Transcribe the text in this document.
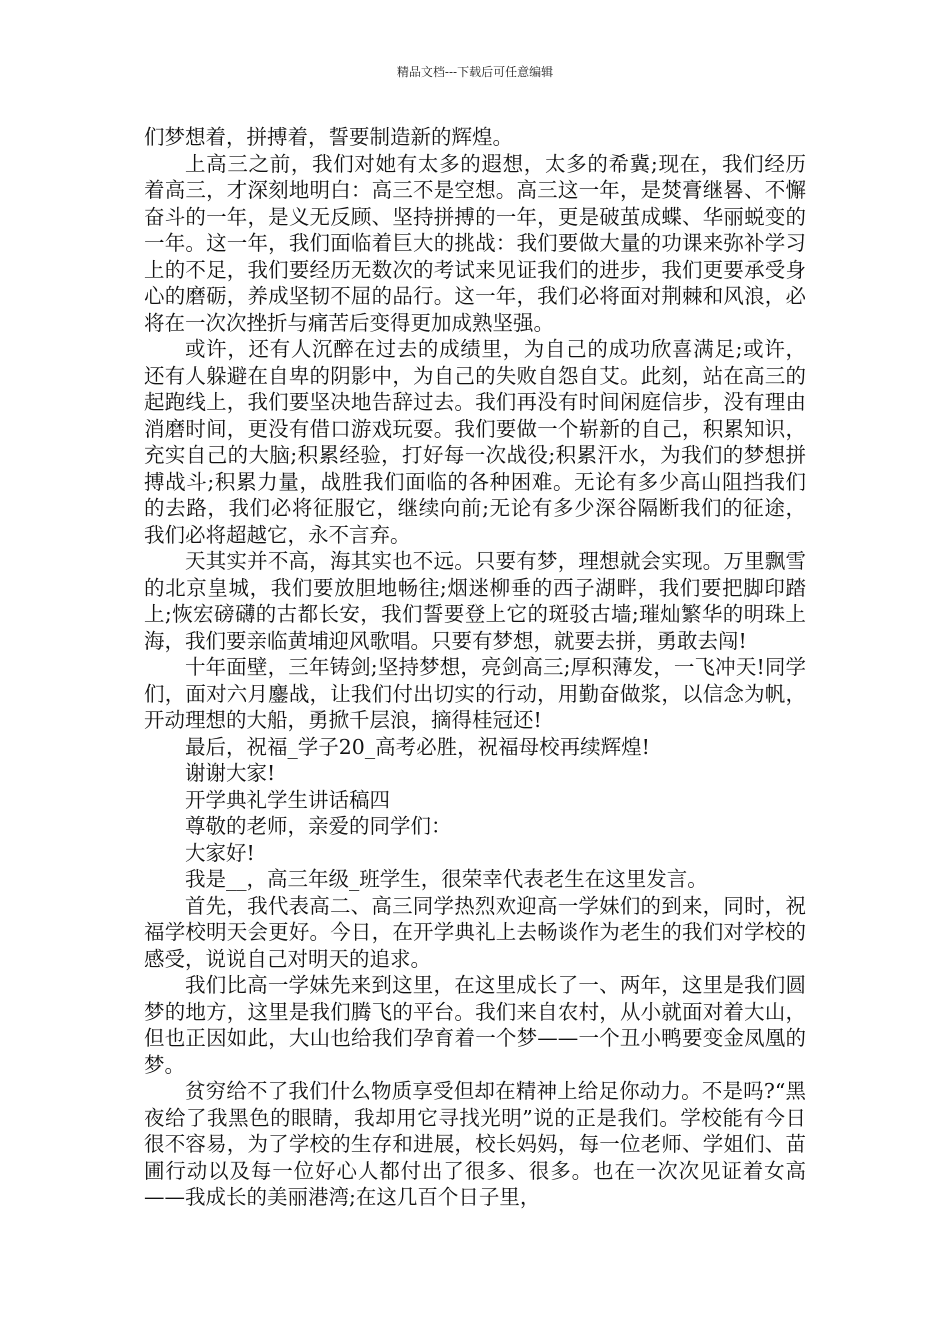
精品文档---下载后可任意编辑

们梦想着，拼搏着，誓要制造新的辉煌。

上高三之前，我们对她有太多的遐想，太多的希冀;现在，我们经历着高三，才深刻地明白：高三不是空想。高三这一年，是焚膏继晷、不懈奋斗的一年，是义无反顾、坚持拼搏的一年，更是破茧成蝶、华丽蜕变的一年。这一年，我们面临着巨大的挑战：我们要做大量的功课来弥补学习上的不足，我们要经历无数次的考试来见证我们的进步，我们更要承受身心的磨砺，养成坚韧不屈的品行。这一年，我们必将面对荆棘和风浪，必将在一次次挫折与痛苦后变得更加成熟坚强。

或许，还有人沉醉在过去的成绩里，为自己的成功欣喜满足;或许，还有人躲避在自卑的阴影中，为自己的失败自怨自艾。此刻，站在高三的起跑线上，我们要坚决地告辞过去。我们再没有时间闲庭信步，没有理由消磨时间，更没有借口游戏玩耍。我们要做一个崭新的自己，积累知识，充实自己的大脑;积累经验，打好每一次战役;积累汗水，为我们的梦想拼搏战斗;积累力量，战胜我们面临的各种困难。无论有多少高山阻挡我们的去路，我们必将征服它，继续向前;无论有多少深谷隔断我们的征途，我们必将超越它，永不言弃。

天其实并不高，海其实也不远。只要有梦，理想就会实现。万里飘雪的北京皇城，我们要放胆地畅往;烟迷柳垂的西子湖畔，我们要把脚印踏上;恢宏磅礴的古都长安，我们誓要登上它的斑驳古墙;璀灿繁华的明珠上海，我们要亲临黄埔迎风歌唱。只要有梦想，就要去拼，勇敢去闯!

十年面壁，三年铸剑;坚持梦想，亮剑高三;厚积薄发，一飞冲天!同学们，面对六月鏖战，让我们付出切实的行动，用勤奋做浆，以信念为帆，开动理想的大船，勇掀千层浪，摘得桂冠还!

最后，祝福_学子20_高考必胜，祝福母校再续辉煌!

谢谢大家!

开学典礼学生讲话稿四

尊敬的老师，亲爱的同学们：

大家好!

我是__，高三年级_班学生，很荣幸代表老生在这里发言。

首先，我代表高二、高三同学热烈欢迎高一学妹们的到来，同时，祝福学校明天会更好。今日，在开学典礼上去畅谈作为老生的我们对学校的感受，说说自己对明天的追求。

我们比高一学妹先来到这里，在这里成长了一、两年，这里是我们圆梦的地方，这里是我们腾飞的平台。我们来自农村，从小就面对着大山，但也正因如此，大山也给我们孕育着一个梦——一个丑小鸭要变金凤凰的梦。

贫穷给不了我们什么物质享受但却在精神上给足你动力。不是吗?“黑夜给了我黑色的眼睛，我却用它寻找光明”说的正是我们。学校能有今日很不容易，为了学校的生存和进展，校长妈妈，每一位老师、学姐们、苗圃行动以及每一位好心人都付出了很多、很多。也在一次次见证着女高——我成长的美丽港湾;在这几百个日子里，
